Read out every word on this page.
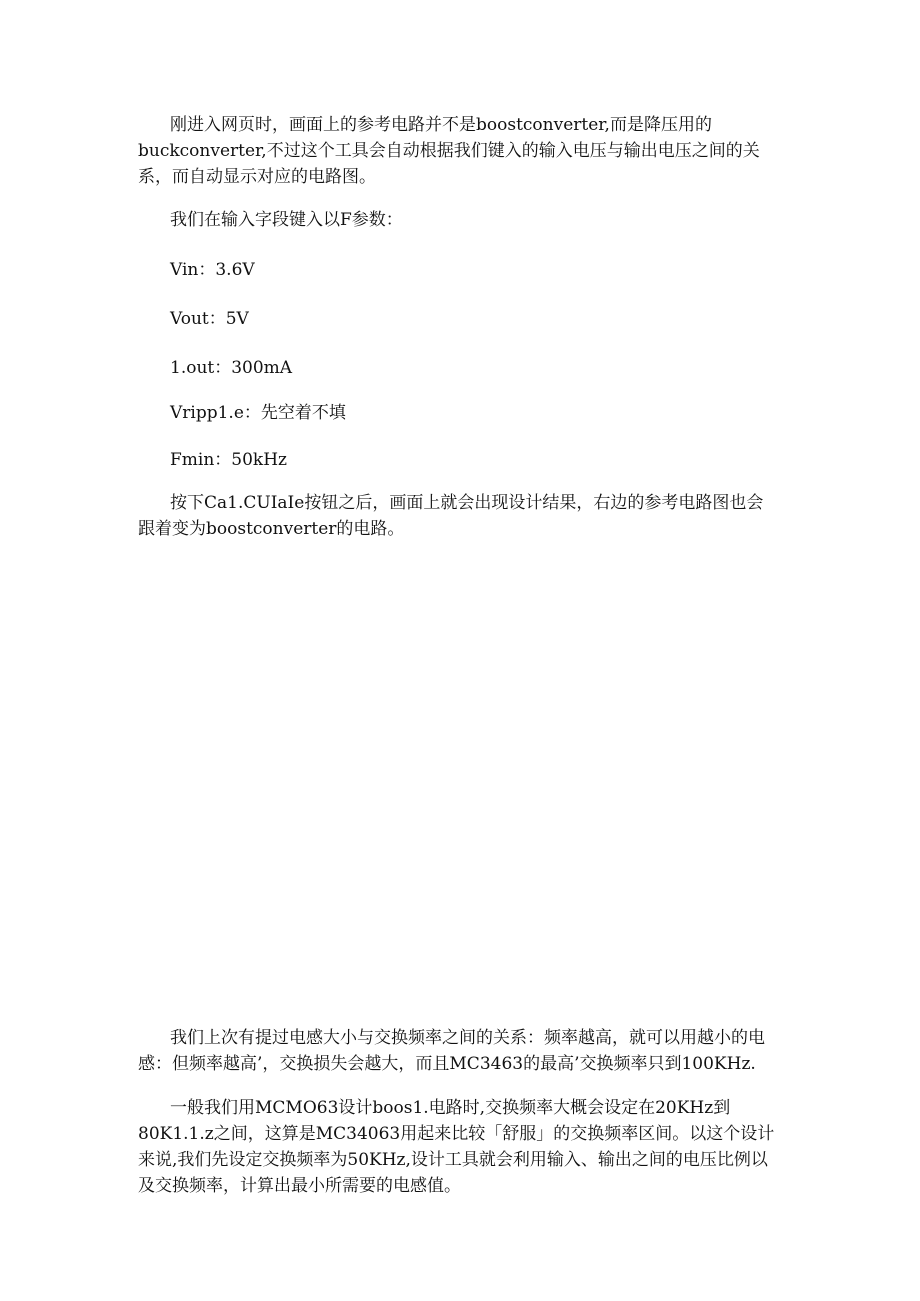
刚进入网页时，画面上的参考电路并不是boostconverter,而是降压用的buckconverter,不过这个工具会自动根据我们键入的输入电压与输出电压之间的关系，而自动显示对应的电路图。

我们在输入字段键入以F参数：

Vin：3.6V

Vout：5V

1.out：300mA

Vripp1.e：先空着不填

Fmin：50kHz

按下Ca1.CUIaIe按钮之后，画面上就会出现设计结果，右边的参考电路图也会跟着变为boostconverter的电路。

我们上次有提过电感大小与交换频率之间的关系：频率越高，就可以用越小的电感：但频率越高’，交换损失会越大，而且MC3463的最高’交换频率只到100KHz.

一般我们用MCMO63设计boos1.电路时,交换频率大概会设定在20KHz到80K1.1.z之间，这算是MC34063用起来比较「舒服」的交换频率区间。以这个设计来说,我们先设定交换频率为50KHz,设计工具就会利用输入、输出之间的电压比例以及交换频率，计算出最小所需要的电感值。
